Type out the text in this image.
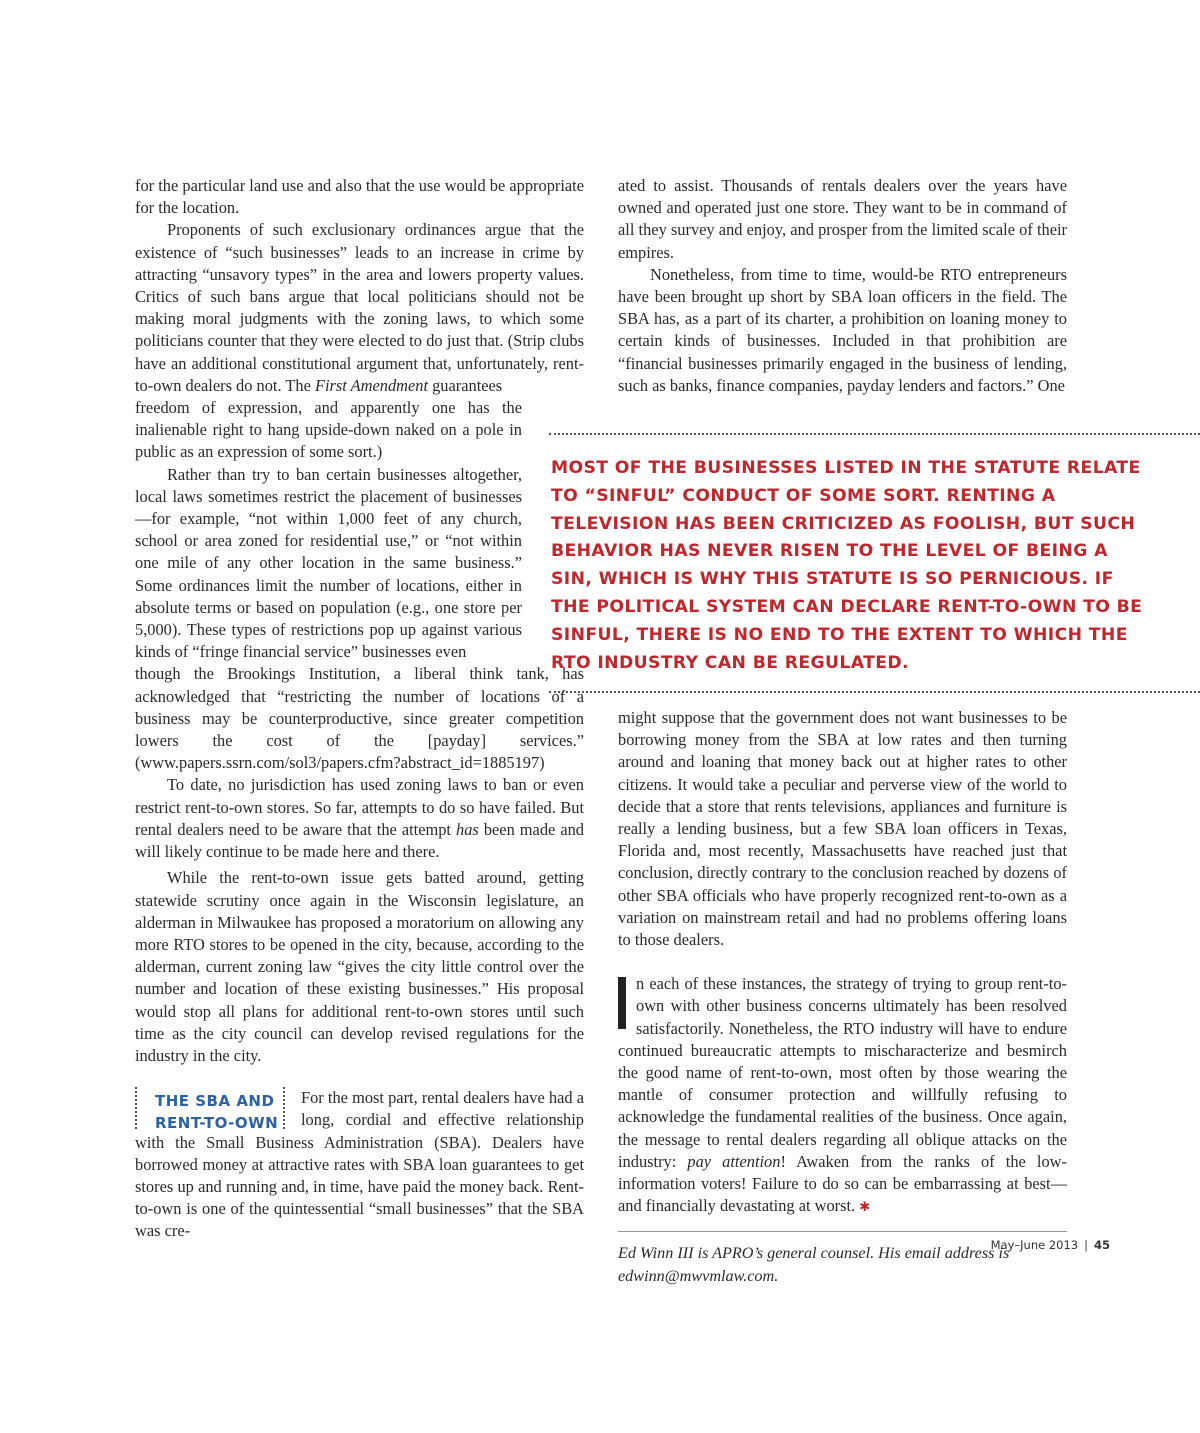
for the particular land use and also that the use would be appropriate for the location.

Proponents of such exclusionary ordinances argue that the existence of “such businesses” leads to an increase in crime by attracting “unsavory types” in the area and lowers property values. Critics of such bans argue that local politicians should not be making moral judgments with the zoning laws, to which some politicians counter that they were elected to do just that. (Strip clubs have an additional constitutional argument that, unfortunately, rent-to-own dealers do not. The First Amendment guarantees

freedom of expression, and apparently one has the inalienable right to hang upside-down naked on a pole in public as an expression of some sort.)

Rather than try to ban certain businesses altogether, local laws sometimes restrict the placement of businesses—for example, “not within 1,000 feet of any church, school or area zoned for residential use,” or “not within one mile of any other location in the same business.” Some ordinances limit the number of locations, either in absolute terms or based on population (e.g., one store per 5,000). These types of restrictions pop up against various kinds of “fringe financial service” businesses even

though the Brookings Institution, a liberal think tank, has acknowledged that “restricting the number of locations of a business may be counterproductive, since greater competition lowers the cost of the [payday] services.” (www.papers.ssrn.com/sol3/papers.cfm?abstract_id=1885197)

To date, no jurisdiction has used zoning laws to ban or even restrict rent-to-own stores. So far, attempts to do so have failed. But rental dealers need to be aware that the attempt has been made and will likely continue to be made here and there.

While the rent-to-own issue gets batted around, getting statewide scrutiny once again in the Wisconsin legislature, an alderman in Milwaukee has proposed a moratorium on allowing any more RTO stores to be opened in the city, because, according to the alderman, current zoning law “gives the city little control over the number and location of these existing businesses.” His proposal would stop all plans for additional rent-to-own stores until such time as the city council can develop revised regulations for the industry in the city.

THE SBA AND
RENT-TO-OWN

For the most part, rental dealers have had a long, cordial and effective relationship with the Small Business Administration (SBA). Dealers have borrowed money at attractive rates with SBA loan guarantees to get stores up and running and, in time, have paid the money back. Rent-to-own is one of the quintessential “small businesses” that the SBA was cre-

ated to assist. Thousands of rentals dealers over the years have owned and operated just one store. They want to be in command of all they survey and enjoy, and prosper from the limited scale of their empires.

Nonetheless, from time to time, would-be RTO entrepreneurs have been brought up short by SBA loan officers in the field. The SBA has, as a part of its charter, a prohibition on loaning money to certain kinds of businesses. Included in that prohibition are “financial businesses primarily engaged in the business of lending, such as banks, finance companies, payday lenders and factors.” One

MOST OF THE BUSINESSES LISTED IN THE STATUTE RELATE TO “SINFUL” CONDUCT OF SOME SORT. RENTING A TELEVISION HAS BEEN CRITICIZED AS FOOLISH, BUT SUCH BEHAVIOR HAS NEVER RISEN TO THE LEVEL OF BEING A SIN, WHICH IS WHY THIS STATUTE IS SO PERNICIOUS. IF THE POLITICAL SYSTEM CAN DECLARE RENT-TO-OWN TO BE SINFUL, THERE IS NO END TO THE EXTENT TO WHICH THE RTO INDUSTRY CAN BE REGULATED.

might suppose that the government does not want businesses to be borrowing money from the SBA at low rates and then turning around and loaning that money back out at higher rates to other citizens. It would take a peculiar and perverse view of the world to decide that a store that rents televisions, appliances and furniture is really a lending business, but a few SBA loan officers in Texas, Florida and, most recently, Massachusetts have reached just that conclusion, directly contrary to the conclusion reached by dozens of other SBA officials who have properly recognized rent-to-own as a variation on mainstream retail and had no problems offering loans to those dealers.

n each of these instances, the strategy of trying to group rent-to-own with other business concerns ultimately has been resolved satisfactorily. Nonetheless, the RTO industry will have to endure continued bureaucratic attempts to mischaracterize and besmirch the good name of rent-to-own, most often by those wearing the mantle of consumer protection and willfully refusing to acknowledge the fundamental realities of the business. Once again, the message to rental dealers regarding all oblique attacks on the industry: pay attention! Awaken from the ranks of the low-information voters! Failure to do so can be embarrassing at best—and financially devastating at worst. ✱

Ed Winn III is APRO’s general counsel. His email address is
edwinn@mwvmlaw.com.

May–June 2013 | 45
